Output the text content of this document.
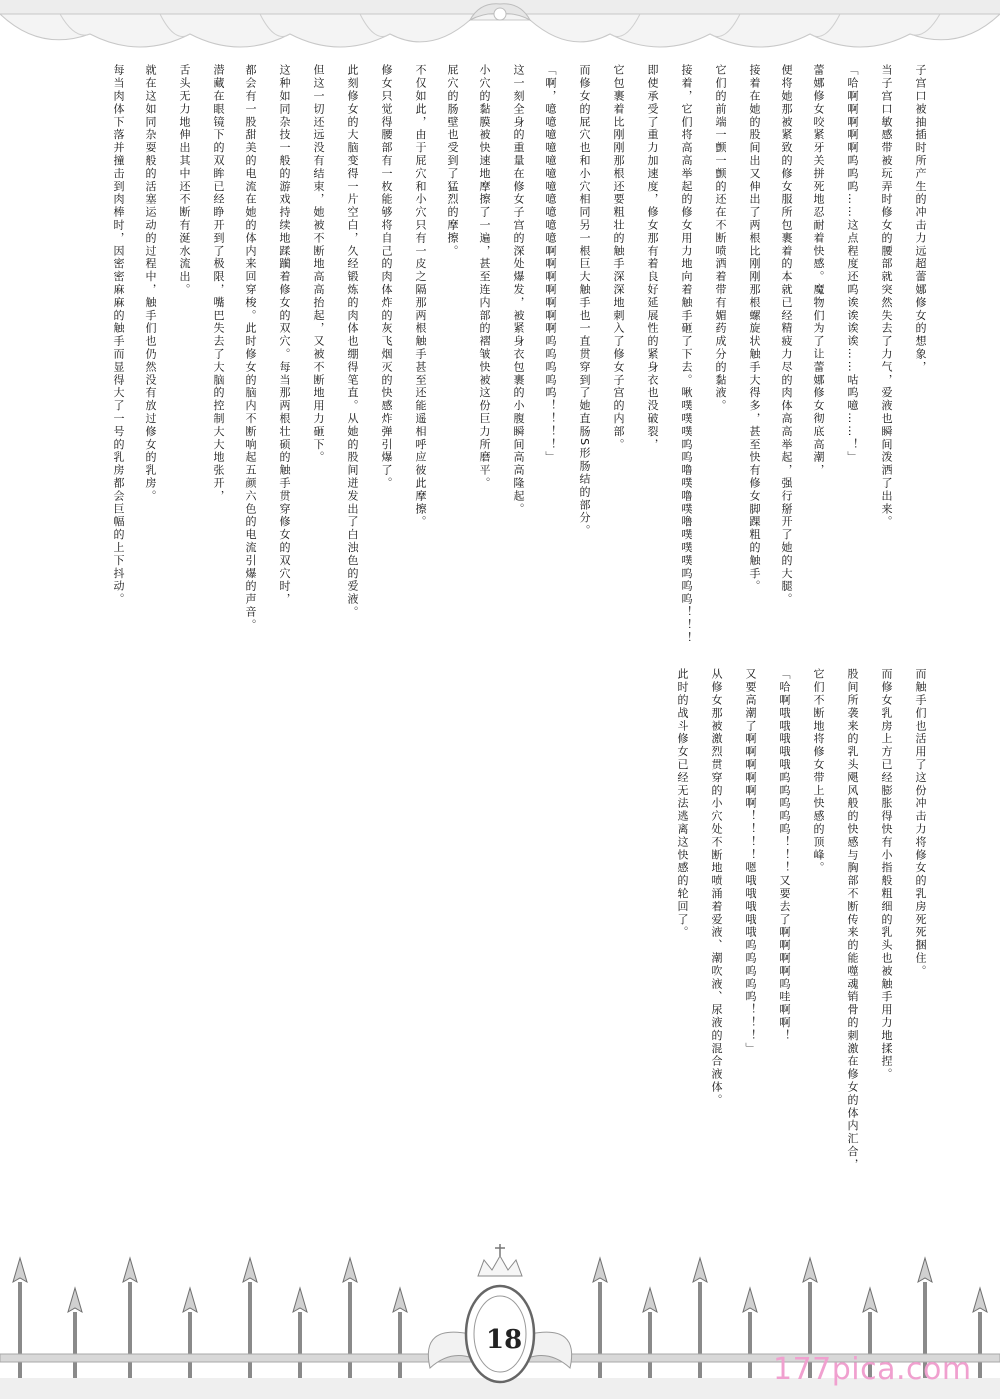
子宫口被抽插时所产生的冲击力远超蕾娜修女的想象，
当子宫口敏感带被玩弄时修女的腰部就突然失去了力气，爱液也瞬间泼洒了出来。
「哈啊啊啊啊啊呜呜呜……这点程度还呜诶诶诶诶……咕呜噫……！」
蕾娜修女咬紧牙关拼死地忍耐着快感。魔物们为了让蕾娜修女彻底高潮，
便将她那被紧致的修女服所包裹着的本就已经精疲力尽的肉体高高举起，强行掰开了她的大腿。
接着在她的股间出又伸出了两根比刚刚那根螺旋状触手大得多，甚至快有修女脚踝粗的触手。
它们的前端一颤一颤的还在不断喷洒着带有媚药成分的黏液。
接着，它们将高高举起的修女用力地向着触手砸了下去。啾噗噗噗呜呜噜噗噜噗噜噗噗噗呜呜呜！！！
即使承受了重力加速度，修女那有着良好延展性的紧身衣也没破裂，
它包裹着比刚刚那根还要粗壮的触手深深地刺入了修女子宫的内部。
而修女的屁穴也和小穴相同另一根巨大触手也一直贯穿到了她直肠S形肠结的部分。
「啊，噫噫噫噫噫噫噫噫噫噫噫啊啊啊啊啊啊啊呜呜呜呜呜！！！！」
这一刻全身的重量在修女子宫的深处爆发，被紧身衣包裹的小腹瞬间高高隆起。
小穴的黏膜被快速地摩擦了一遍，甚至连内部的褶皱快被这份巨力所磨平。
屁穴的肠壁也受到了猛烈的摩擦。
不仅如此，由于屁穴和小穴只有一皮之隔那两根触手甚至还能遥相呼应彼此摩擦。
修女只觉得腰部有一枚能够将自己的肉体炸的灰飞烟灭的快感炸弹引爆了。
此刻修女的大脑变得一片空白，久经锻炼的肉体也绷得笔直。从她的股间迸发出了白浊色的爱液。
但这一切还远没有结束，她被不断地高高抬起，又被不断地用力砸下。
这种如同杂技一般的游戏持续地蹂躏着修女的双穴。每当那两根壮硕的触手贯穿修女的双穴时，
都会有一股甜美的电流在她的体内来回穿梭。此时修女的脑内不断响起五颜六色的电流引爆的声音。
潜藏在眼镜下的双眸已经睁开到了极限，嘴巴失去了大脑的控制大大地张开，
舌头无力地伸出其中还不断有涎水流出。
就在这如同杂耍般的活塞运动的过程中，触手们也仍然没有放过修女的乳房。
每当肉体下落并撞击到肉棒时，因密密麻麻的触手而显得大了一号的乳房都会巨幅的上下抖动。
而触手们也活用了这份冲击力将修女的乳房死死捆住。
而修女乳房上方已经膨胀得快有小指般粗细的乳头也被触手用力地揉捏。
股间所袭来的乳头飓风般的快感与胸部不断传来的能噬魂销骨的刺激在修女的体内汇合，
它们不断地将修女带上快感的顶峰。
「哈啊哦哦哦哦哦呜呜呜呜呜！！！又要去了啊啊啊啊呜哇啊啊！
又要高潮了啊啊啊啊啊啊！！！！嗯哦哦哦哦哦呜呜呜呜呜！！！」
从修女那被激烈贯穿的小穴处不断地喷涌着爱液、潮吹液、尿液的混合液体。
此时的战斗修女已经无法逃离这快感的轮回了。
18
177pica.com
